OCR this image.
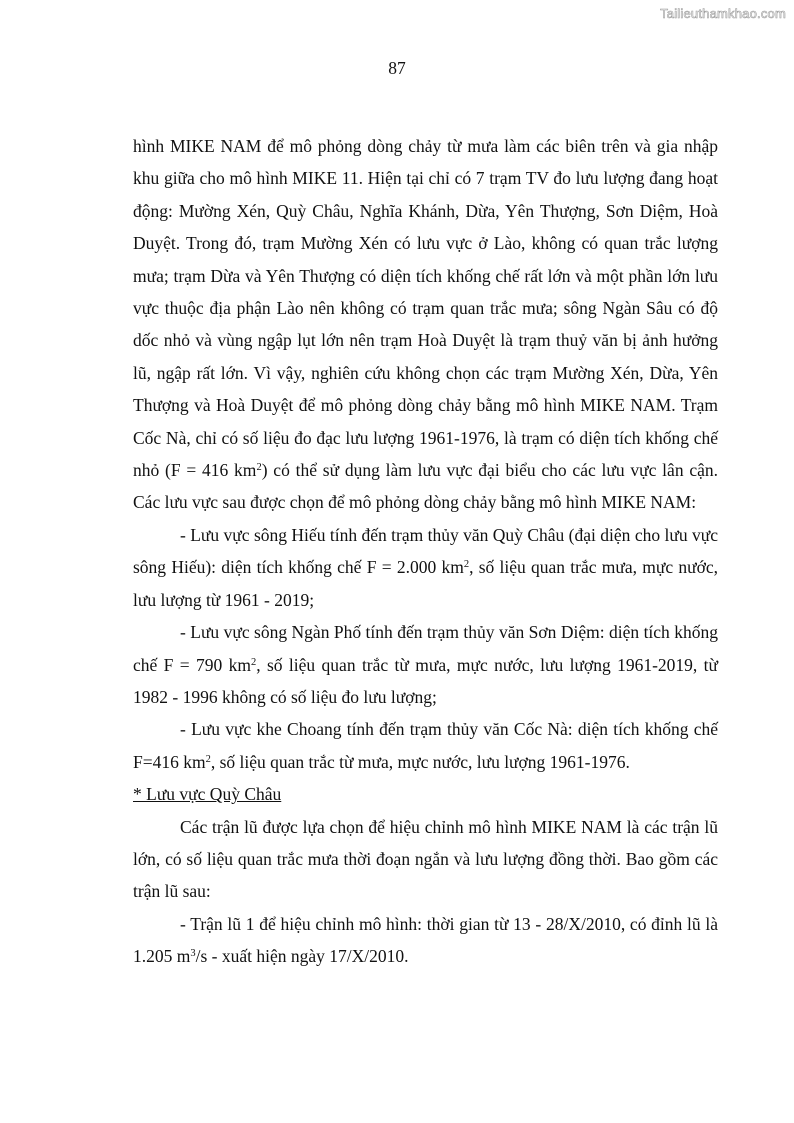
Tailieuthamkhao.com
87

hình MIKE NAM để mô phỏng dòng chảy từ mưa làm các biên trên và gia nhập khu giữa cho mô hình MIKE 11. Hiện tại chỉ có 7 trạm TV đo lưu lượng đang hoạt động: Mường Xén, Quỳ Châu, Nghĩa Khánh, Dừa, Yên Thượng, Sơn Diệm, Hoà Duyệt. Trong đó, trạm Mường Xén có lưu vực ở Lào, không có quan trắc lượng mưa; trạm Dừa và Yên Thượng có diện tích khống chế rất lớn và một phần lớn lưu vực thuộc địa phận Lào nên không có trạm quan trắc mưa; sông Ngàn Sâu có độ dốc nhỏ và vùng ngập lụt lớn nên trạm Hoà Duyệt là trạm thuỷ văn bị ảnh hưởng lũ, ngập rất lớn. Vì vậy, nghiên cứu không chọn các trạm Mường Xén, Dừa, Yên Thượng và Hoà Duyệt để mô phỏng dòng chảy bằng mô hình MIKE NAM. Trạm Cốc Nà, chỉ có số liệu đo đạc lưu lượng 1961-1976, là trạm có diện tích khống chế nhỏ (F = 416 $km^2$) có thể sử dụng làm lưu vực đại biểu cho các lưu vực lân cận. Các lưu vực sau được chọn để mô phỏng dòng chảy bằng mô hình MIKE NAM:

- Lưu vực sông Hiếu tính đến trạm thủy văn Quỳ Châu (đại diện cho lưu vực sông Hiếu): diện tích khống chế F = 2.000 $km^2$, số liệu quan trắc mưa, mực nước, lưu lượng từ 1961 - 2019;

- Lưu vực sông Ngàn Phố tính đến trạm thủy văn Sơn Diệm: diện tích khống chế F = 790 $km^2$, số liệu quan trắc từ mưa, mực nước, lưu lượng 1961-2019, từ 1982 - 1996 không có số liệu đo lưu lượng;

- Lưu vực khe Choang tính đến trạm thủy văn Cốc Nà: diện tích khống chế F=416 $km^2$, số liệu quan trắc từ mưa, mực nước, lưu lượng 1961-1976.

* Lưu vực Quỳ Châu

Các trận lũ được lựa chọn để hiệu chỉnh mô hình MIKE NAM là các trận lũ lớn, có số liệu quan trắc mưa thời đoạn ngắn và lưu lượng đồng thời. Bao gồm các trận lũ sau:

- Trận lũ 1 để hiệu chỉnh mô hình: thời gian từ 13 - 28/X/2010, có đỉnh lũ là 1.205 $m^3/s$ - xuất hiện ngày 17/X/2010.
